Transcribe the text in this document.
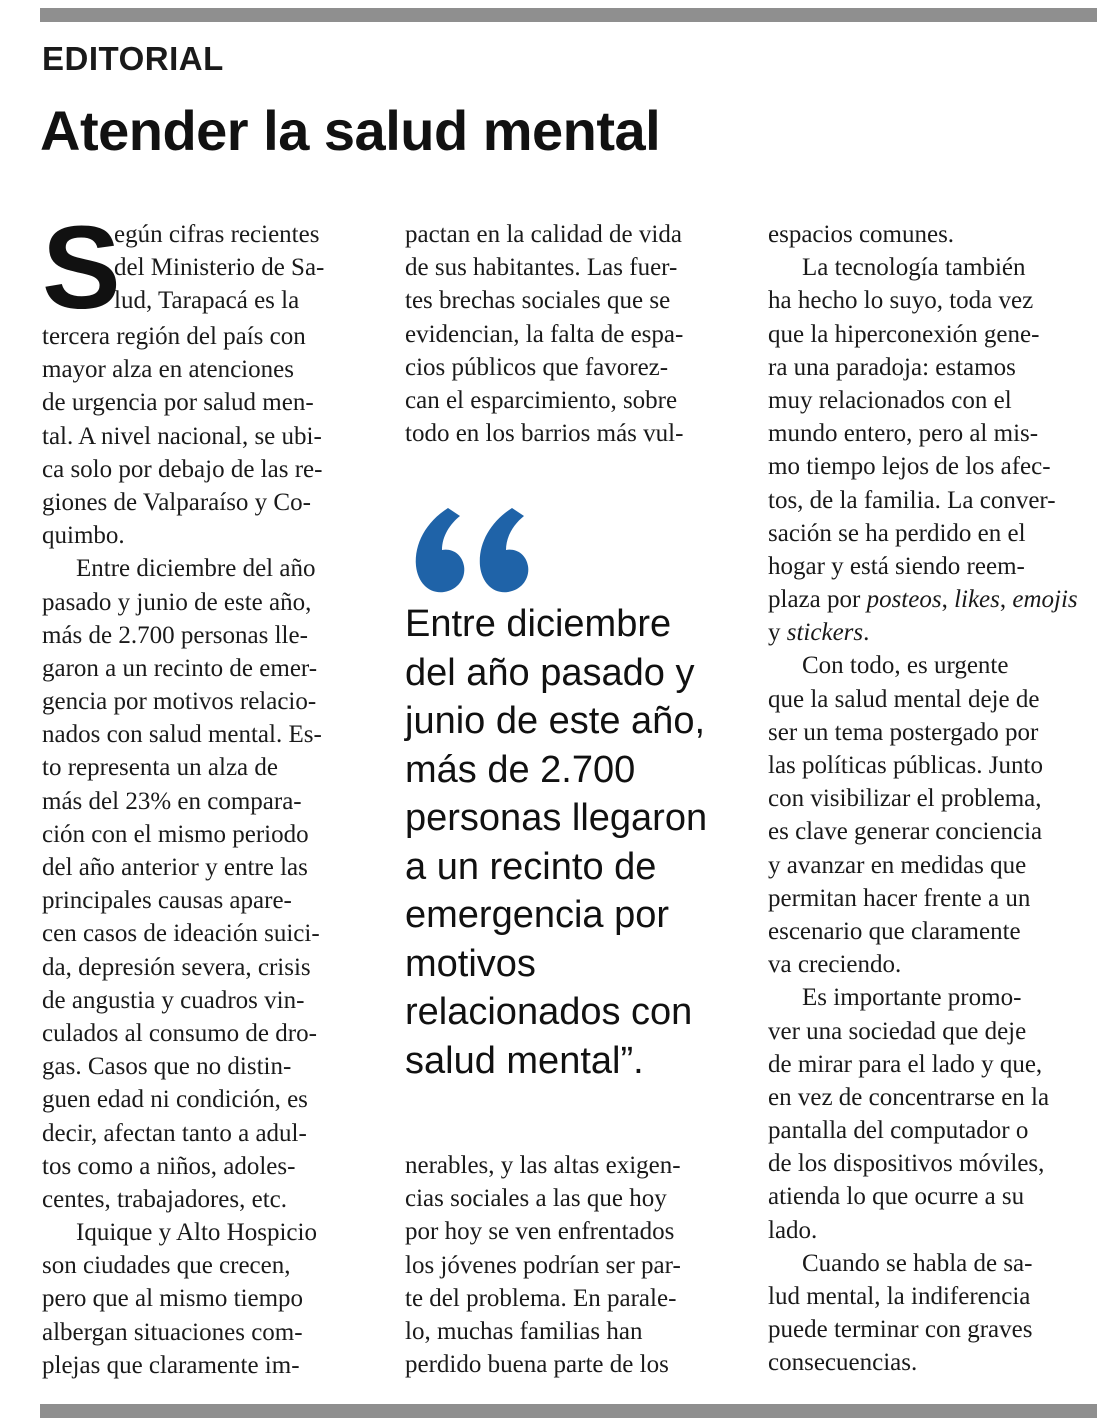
EDITORIAL
Atender la salud mental
S
egún cifras recientes
del Ministerio de Sa-
lud, Tarapacá es la
tercera región del país con
mayor alza en atenciones
de urgencia por salud men-
tal. A nivel nacional, se ubi-
ca solo por debajo de las re-
giones de Valparaíso y Co-
quimbo.
Entre diciembre del año
pasado y junio de este año,
más de 2.700 personas lle-
garon a un recinto de emer-
gencia por motivos relacio-
nados con salud mental. Es-
to representa un alza de
más del 23% en compara-
ción con el mismo periodo
del año anterior y entre las
principales causas apare-
cen casos de ideación suici-
da, depresión severa, crisis
de angustia y cuadros vin-
culados al consumo de dro-
gas. Casos que no distin-
guen edad ni condición, es
decir, afectan tanto a adul-
tos como a niños, adoles-
centes, trabajadores, etc.
Iquique y Alto Hospicio
son ciudades que crecen,
pero que al mismo tiempo
albergan situaciones com-
plejas que claramente im-
pactan en la calidad de vida
de sus habitantes. Las fuer-
tes brechas sociales que se
evidencian, la falta de espa-
cios públicos que favorez-
can el esparcimiento, sobre
todo en los barrios más vul-
Entre diciembre
del año pasado y
junio de este año,
más de 2.700
personas llegaron
a un recinto de
emergencia por
motivos
relacionados con
salud mental”.
nerables, y las altas exigen-
cias sociales a las que hoy
por hoy se ven enfrentados
los jóvenes podrían ser par-
te del problema. En parale-
lo, muchas familias han
perdido buena parte de los
espacios comunes.
La tecnología también
ha hecho lo suyo, toda vez
que la hiperconexión gene-
ra una paradoja: estamos
muy relacionados con el
mundo entero, pero al mis-
mo tiempo lejos de los afec-
tos, de la familia. La conver-
sación se ha perdido en el
hogar y está siendo reem-
plaza por posteos, likes, emojis
y stickers.
Con todo, es urgente
que la salud mental deje de
ser un tema postergado por
las políticas públicas. Junto
con visibilizar el problema,
es clave generar conciencia
y avanzar en medidas que
permitan hacer frente a un
escenario que claramente
va creciendo.
Es importante promo-
ver una sociedad que deje
de mirar para el lado y que,
en vez de concentrarse en la
pantalla del computador o
de los dispositivos móviles,
atienda lo que ocurre a su
lado.
Cuando se habla de sa-
lud mental, la indiferencia
puede terminar con graves
consecuencias.
